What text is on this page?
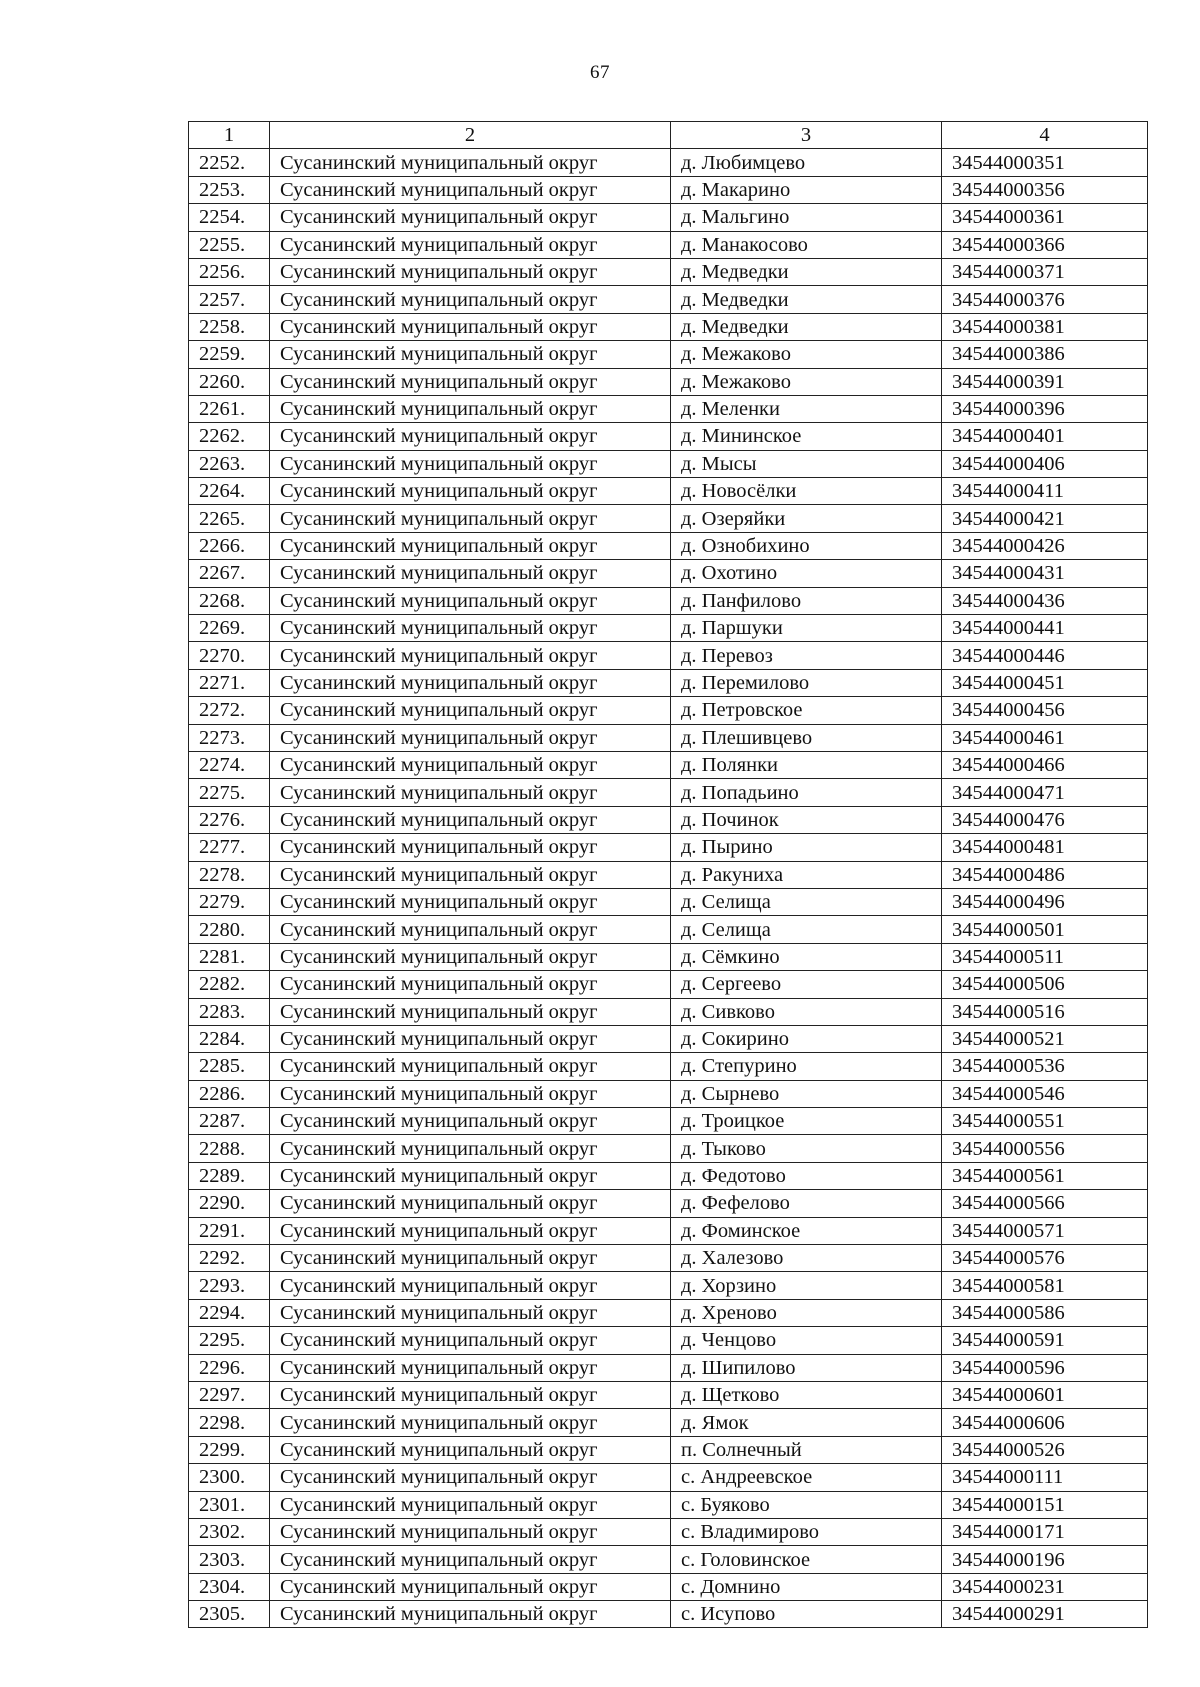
67
1	2	3	4
2252.	Сусанинский муниципальный округ	д. Любимцево	34544000351
2253.	Сусанинский муниципальный округ	д. Макарино	34544000356
2254.	Сусанинский муниципальный округ	д. Мальгино	34544000361
2255.	Сусанинский муниципальный округ	д. Манакосово	34544000366
2256.	Сусанинский муниципальный округ	д. Медведки	34544000371
2257.	Сусанинский муниципальный округ	д. Медведки	34544000376
2258.	Сусанинский муниципальный округ	д. Медведки	34544000381
2259.	Сусанинский муниципальный округ	д. Межаково	34544000386
2260.	Сусанинский муниципальный округ	д. Межаково	34544000391
2261.	Сусанинский муниципальный округ	д. Меленки	34544000396
2262.	Сусанинский муниципальный округ	д. Мининское	34544000401
2263.	Сусанинский муниципальный округ	д. Мысы	34544000406
2264.	Сусанинский муниципальный округ	д. Новосёлки	34544000411
2265.	Сусанинский муниципальный округ	д. Озеряйки	34544000421
2266.	Сусанинский муниципальный округ	д. Ознобихино	34544000426
2267.	Сусанинский муниципальный округ	д. Охотино	34544000431
2268.	Сусанинский муниципальный округ	д. Панфилово	34544000436
2269.	Сусанинский муниципальный округ	д. Паршуки	34544000441
2270.	Сусанинский муниципальный округ	д. Перевоз	34544000446
2271.	Сусанинский муниципальный округ	д. Перемилово	34544000451
2272.	Сусанинский муниципальный округ	д. Петровское	34544000456
2273.	Сусанинский муниципальный округ	д. Плешивцево	34544000461
2274.	Сусанинский муниципальный округ	д. Полянки	34544000466
2275.	Сусанинский муниципальный округ	д. Попадьино	34544000471
2276.	Сусанинский муниципальный округ	д. Починок	34544000476
2277.	Сусанинский муниципальный округ	д. Пырино	34544000481
2278.	Сусанинский муниципальный округ	д. Ракуниха	34544000486
2279.	Сусанинский муниципальный округ	д. Селища	34544000496
2280.	Сусанинский муниципальный округ	д. Селища	34544000501
2281.	Сусанинский муниципальный округ	д. Сёмкино	34544000511
2282.	Сусанинский муниципальный округ	д. Сергеево	34544000506
2283.	Сусанинский муниципальный округ	д. Сивково	34544000516
2284.	Сусанинский муниципальный округ	д. Сокирино	34544000521
2285.	Сусанинский муниципальный округ	д. Степурино	34544000536
2286.	Сусанинский муниципальный округ	д. Сырнево	34544000546
2287.	Сусанинский муниципальный округ	д. Троицкое	34544000551
2288.	Сусанинский муниципальный округ	д. Тыково	34544000556
2289.	Сусанинский муниципальный округ	д. Федотово	34544000561
2290.	Сусанинский муниципальный округ	д. Фефелово	34544000566
2291.	Сусанинский муниципальный округ	д. Фоминское	34544000571
2292.	Сусанинский муниципальный округ	д. Халезово	34544000576
2293.	Сусанинский муниципальный округ	д. Хорзино	34544000581
2294.	Сусанинский муниципальный округ	д. Хреново	34544000586
2295.	Сусанинский муниципальный округ	д. Ченцово	34544000591
2296.	Сусанинский муниципальный округ	д. Шипилово	34544000596
2297.	Сусанинский муниципальный округ	д. Щетково	34544000601
2298.	Сусанинский муниципальный округ	д. Ямок	34544000606
2299.	Сусанинский муниципальный округ	п. Солнечный	34544000526
2300.	Сусанинский муниципальный округ	с. Андреевское	34544000111
2301.	Сусанинский муниципальный округ	с. Буяково	34544000151
2302.	Сусанинский муниципальный округ	с. Владимирово	34544000171
2303.	Сусанинский муниципальный округ	с. Головинское	34544000196
2304.	Сусанинский муниципальный округ	с. Домнино	34544000231
2305.	Сусанинский муниципальный округ	с. Исупово	34544000291
